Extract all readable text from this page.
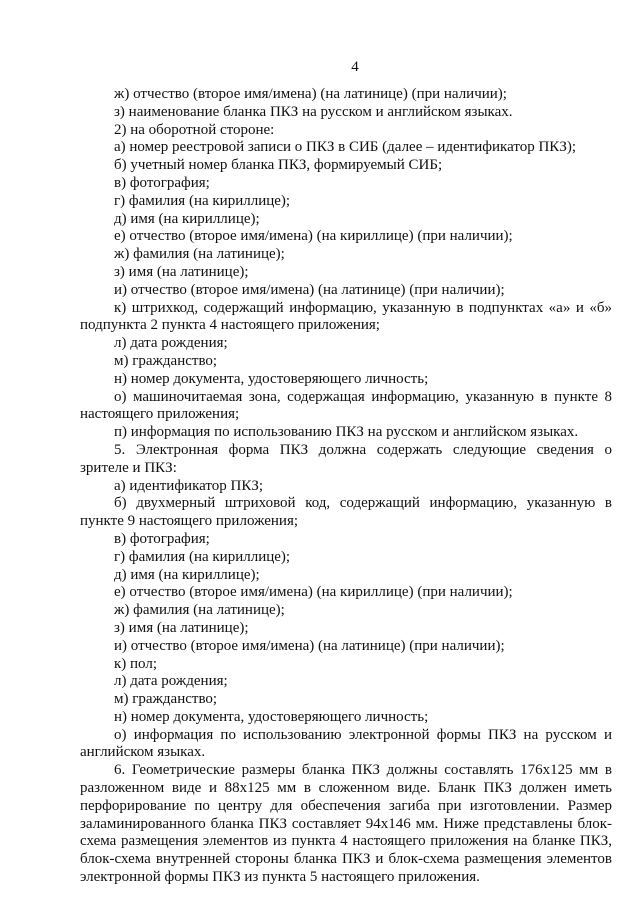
4
ж) отчество (второе имя/имена) (на латинице) (при наличии);
з) наименование бланка ПКЗ на русском и английском языках.
2) на оборотной стороне:
а) номер реестровой записи о ПКЗ в СИБ (далее – идентификатор ПКЗ);
б) учетный номер бланка ПКЗ, формируемый СИБ;
в) фотография;
г) фамилия (на кириллице);
д) имя (на кириллице);
е) отчество (второе имя/имена) (на кириллице) (при наличии);
ж) фамилия (на латинице);
з) имя (на латинице);
и) отчество (второе имя/имена) (на латинице) (при наличии);
к) штрихкод, содержащий информацию, указанную в подпунктах «а» и «б»
подпункта 2 пункта 4 настоящего приложения;
л) дата рождения;
м) гражданство;
н) номер документа, удостоверяющего личность;
о) машиночитаемая зона, содержащая информацию, указанную в пункте 8
настоящего приложения;
п) информация по использованию ПКЗ на русском и английском языках.
5. Электронная форма ПКЗ должна содержать следующие сведения о
зрителе и ПКЗ:
а) идентификатор ПКЗ;
б) двухмерный штриховой код, содержащий информацию, указанную в
пункте 9 настоящего приложения;
в) фотография;
г) фамилия (на кириллице);
д) имя (на кириллице);
е) отчество (второе имя/имена) (на кириллице) (при наличии);
ж) фамилия (на латинице);
з) имя (на латинице);
и) отчество (второе имя/имена) (на латинице) (при наличии);
к) пол;
л) дата рождения;
м) гражданство;
н) номер документа, удостоверяющего личность;
о) информация по использованию электронной формы ПКЗ на русском и
английском языках.
6. Геометрические размеры бланка ПКЗ должны составлять 176х125 мм в
разложенном виде и 88х125 мм в сложенном виде. Бланк ПКЗ должен иметь
перфорирование по центру для обеспечения загиба при изготовлении. Размер
заламинированного бланка ПКЗ составляет 94х146 мм. Ниже представлены блок-
схема размещения элементов из пункта 4 настоящего приложения на бланке ПКЗ,
блок-схема внутренней стороны бланка ПКЗ и блок-схема размещения элементов
электронной формы ПКЗ из пункта 5 настоящего приложения.
